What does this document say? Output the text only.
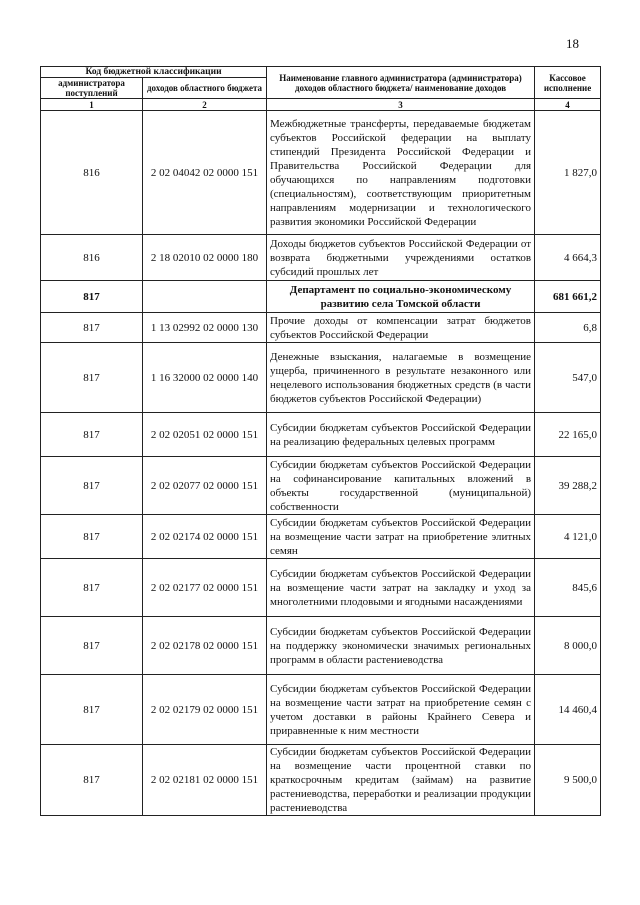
18
Код бюджетной классификации		Наименование главного администратора (администратора) доходов областного бюджета/ наименование доходов	Кассовое исполнение
администратора поступлений	доходов областного бюджета		
1	2	3	4
816	2 02 04042 02 0000 151	Межбюджетные трансферты, передаваемые бюджетам субъектов Российской федерации на выплату стипендий Президента Российской Федерации и Правительства Российской Федерации для обучающихся по направлениям подготовки (специальностям), соответствующим приоритетным направлениям модернизации и технологического развития экономики Российской Федерации	1 827,0
816	2 18 02010 02 0000 180	Доходы бюджетов субъектов Российской Федерации от возврата бюджетными учреждениями остатков субсидий прошлых лет	4 664,3
817		Департамент по социально-экономическому развитию села Томской области	681 661,2
817	1 13 02992 02 0000 130	Прочие доходы от компенсации затрат бюджетов субъектов Российской Федерации	6,8
817	1 16 32000 02 0000 140	Денежные взыскания, налагаемые в возмещение ущерба, причиненного в результате незаконного или нецелевого использования бюджетных средств (в части бюджетов субъектов Российской Федерации)	547,0
817	2 02 02051 02 0000 151	Субсидии бюджетам субъектов Российской Федерации на реализацию федеральных целевых программ	22 165,0
817	2 02 02077 02 0000 151	Субсидии бюджетам субъектов Российской Федерации на софинансирование капитальных вложений в объекты государственной (муниципальной) собственности	39 288,2
817	2 02 02174 02 0000 151	Субсидии бюджетам субъектов Российской Федерации на возмещение части затрат на приобретение элитных семян	4 121,0
817	2 02 02177 02 0000 151	Субсидии бюджетам субъектов Российской Федерации на возмещение части затрат на закладку и уход за многолетними плодовыми и ягодными насаждениями	845,6
817	2 02 02178 02 0000 151	Субсидии бюджетам субъектов Российской Федерации на поддержку экономически значимых региональных программ в области растениеводства	8 000,0
817	2 02 02179 02 0000 151	Субсидии бюджетам субъектов Российской Федерации на возмещение части затрат на приобретение семян с учетом доставки в районы Крайнего Севера и приравненные к ним местности	14 460,4
817	2 02 02181 02 0000 151	Субсидии бюджетам субъектов Российской Федерации на возмещение части процентной ставки по краткосрочным кредитам (займам) на развитие растениеводства, переработки и реализации продукции растениеводства	9 500,0
